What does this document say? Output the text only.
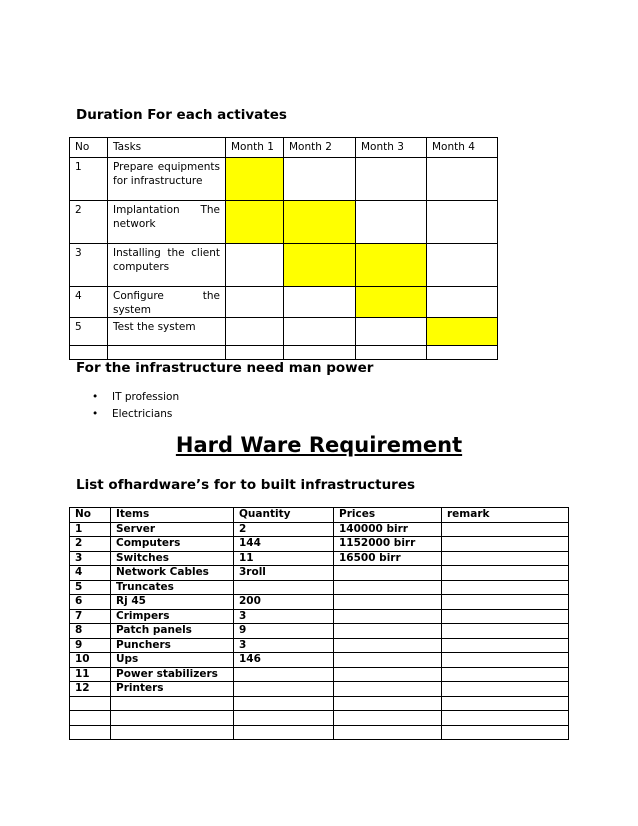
Duration For each activates
No	Tasks	Month 1	Month 2	Month 3	Month 4
1	Prepare equipments for infrastructure				
2	Implantation The network				
3	Installing the client computers				
4	Configure the system				
5	Test the system				

For the infrastructure need man power
• IT profession
• Electricians
Hard Ware Requirement
List ofhardware’s for to built infrastructures
No	Items	Quantity	Prices	remark
1	Server	2	140000 birr	
2	Computers	144	1152000 birr	
3	Switches	11	16500 birr	
4	Network Cables	3roll		
5	Truncates			
6	Rj 45	200		
7	Crimpers	3		
8	Patch panels	9		
9	Punchers	3		
10	Ups	146		
11	Power stabilizers			
12	Printers			
